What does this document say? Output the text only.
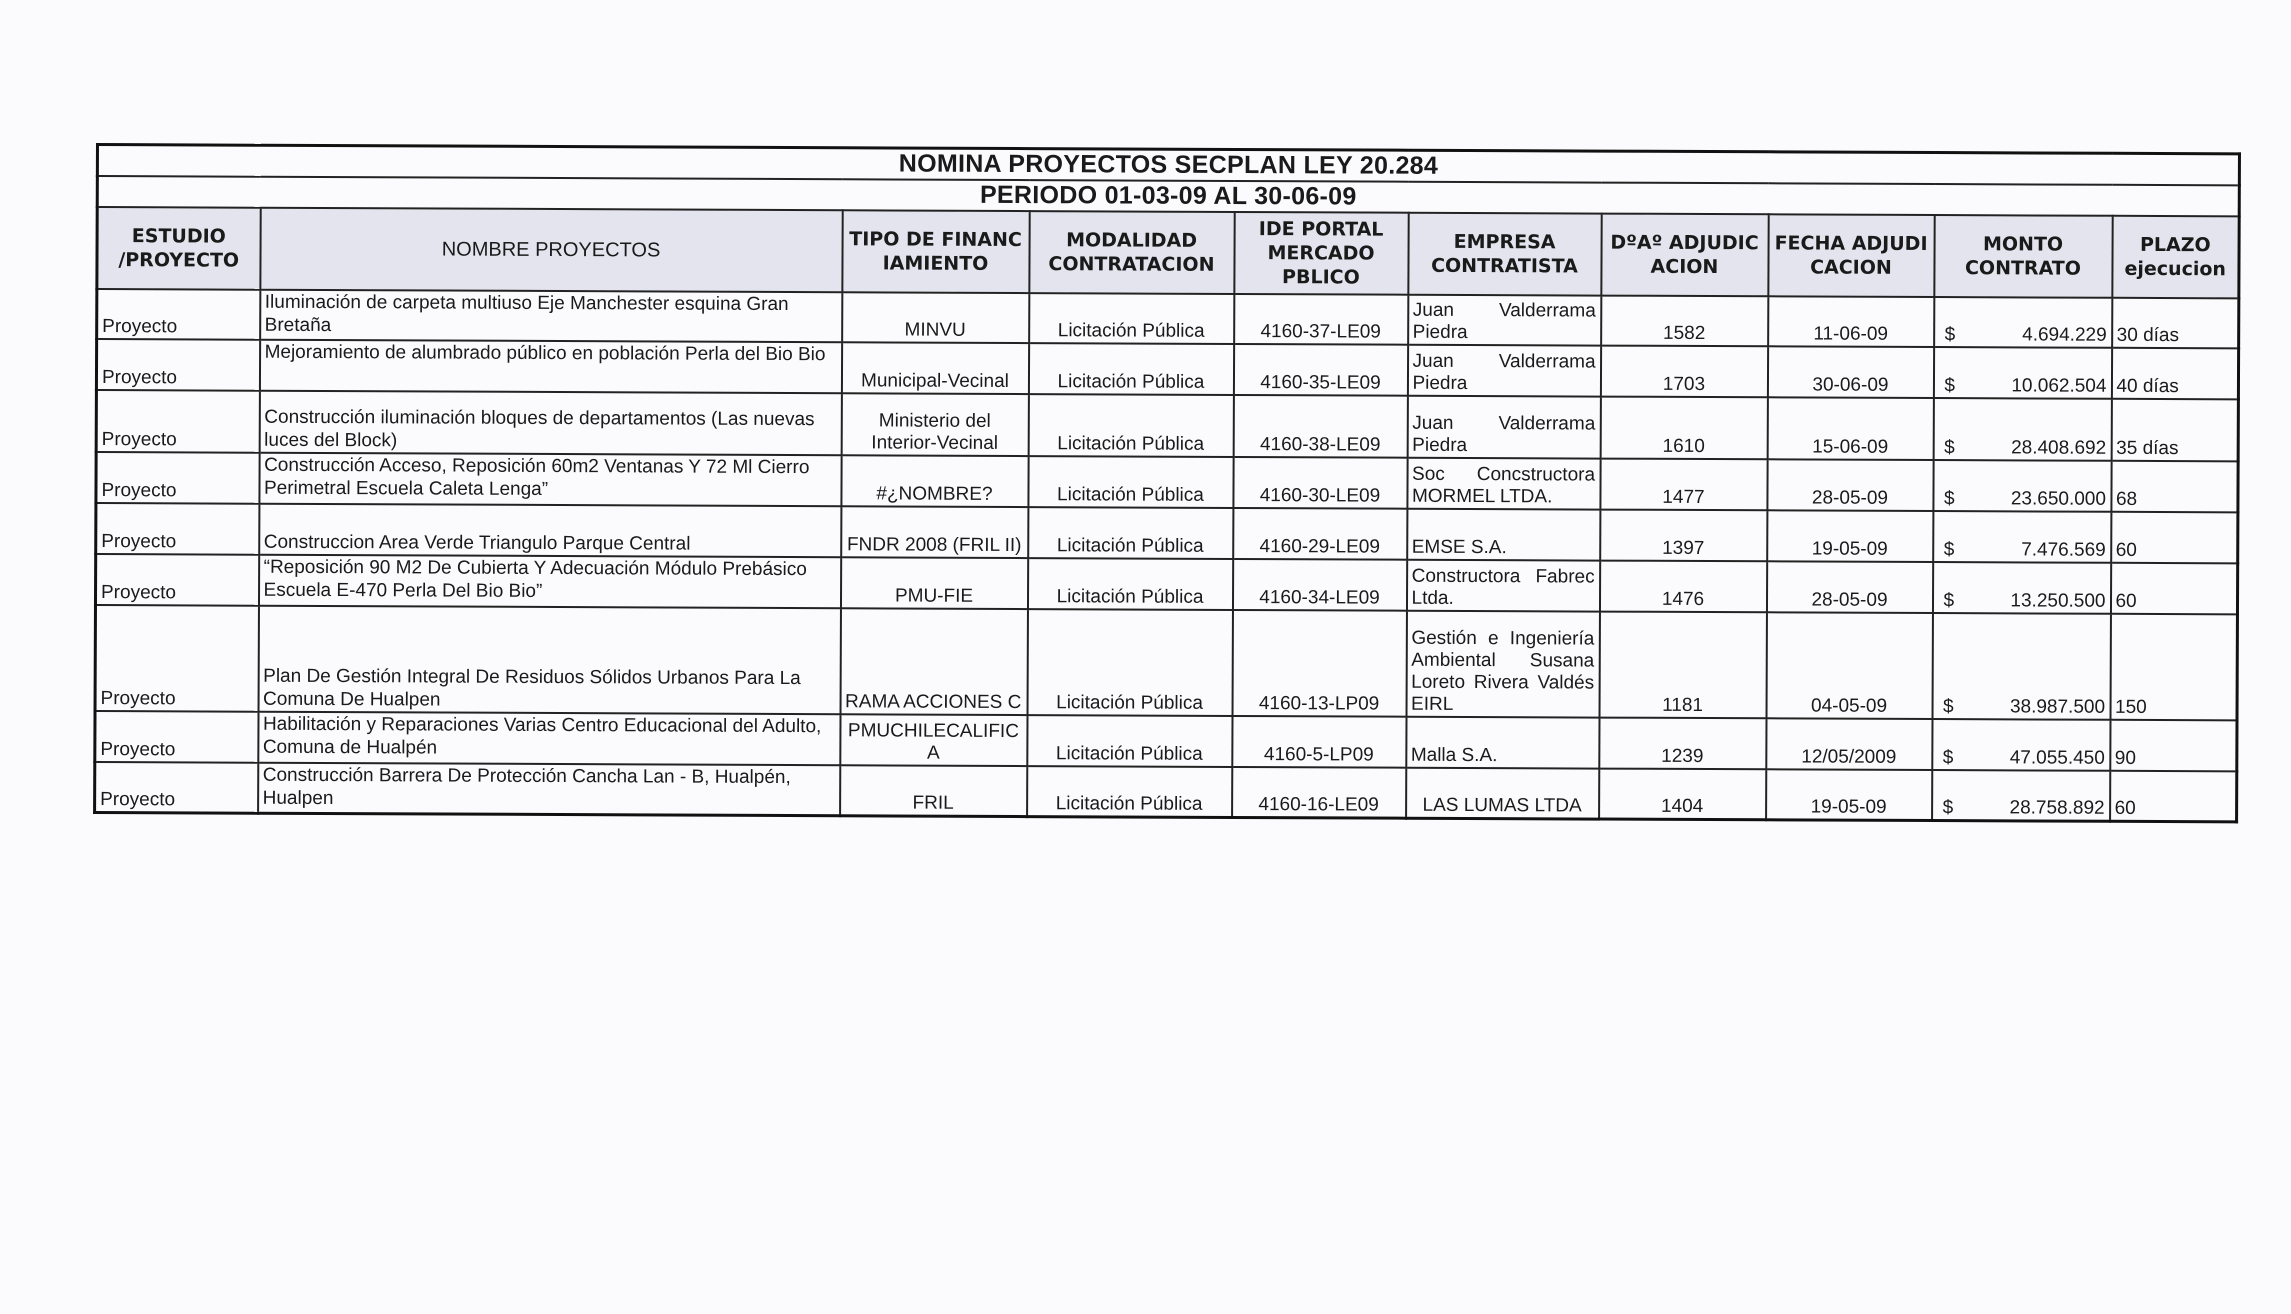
NOMINA PROYECTOS SECPLAN LEY 20.284									
PERIODO 01-03-09 AL 30-06-09									
ESTUDIO /PROYECTO	NOMBRE PROYECTOS	TIPO DE FINANCIAMIENTO	MODALIDAD CONTRATACION	IDE PORTAL MERCADO PBLICO	EMPRESA CONTRATISTA	DºAº ADJUDICACION	FECHA ADJUDICACION	MONTO CONTRATO	PLAZO ejecucion
Proyecto	Iluminación de carpeta multiuso Eje Manchester esquina Gran Bretaña	MINVU	Licitación Pública	4160-37-LE09	Juan Valderrama Piedra	1582	11-06-09	$ 4.694.229	30 días
Proyecto	Mejoramiento de alumbrado público en población Perla del Bio Bio	Municipal-Vecinal	Licitación Pública	4160-35-LE09	Juan Valderrama Piedra	1703	30-06-09	$ 10.062.504	40 días
Proyecto	Construcción iluminación bloques de departamentos (Las nuevas luces del Block)	Ministerio del Interior-Vecinal	Licitación Pública	4160-38-LE09	Juan Valderrama Piedra	1610	15-06-09	$ 28.408.692	35 días
Proyecto	Construcción Acceso, Reposición 60m2 Ventanas Y 72 Ml Cierro Perimetral Escuela Caleta Lenga”	#¿NOMBRE?	Licitación Pública	4160-30-LE09	Soc Concstructora MORMEL LTDA.	1477	28-05-09	$ 23.650.000	68
Proyecto	Construccion Area Verde Triangulo Parque Central	FNDR 2008 (FRIL II)	Licitación Pública	4160-29-LE09	EMSE S.A.	1397	19-05-09	$ 7.476.569	60
Proyecto	“Reposición 90 M2 De Cubierta Y Adecuación Módulo Prebásico Escuela E-470 Perla Del Bio Bio”	PMU-FIE	Licitación Pública	4160-34-LE09	Constructora Fabrec Ltda.	1476	28-05-09	$ 13.250.500	60
Proyecto	Plan De Gestión Integral De Residuos Sólidos Urbanos Para La Comuna De Hualpen	RAMA ACCIONES C	Licitación Pública	4160-13-LP09	Gestión e Ingeniería Ambiental Susana Loreto Rivera Valdés EIRL	1181	04-05-09	$ 38.987.500	150
Proyecto	Habilitación y Reparaciones Varias Centro Educacional del Adulto, Comuna de Hualpén	PMUCHILECALIFICA	Licitación Pública	4160-5-LP09	Malla S.A.	1239	12/05/2009	$ 47.055.450	90
Proyecto	Construcción Barrera De Protección Cancha Lan - B, Hualpén, Hualpen	FRIL	Licitación Pública	4160-16-LE09	LAS LUMAS LTDA	1404	19-05-09	$ 28.758.892	60
